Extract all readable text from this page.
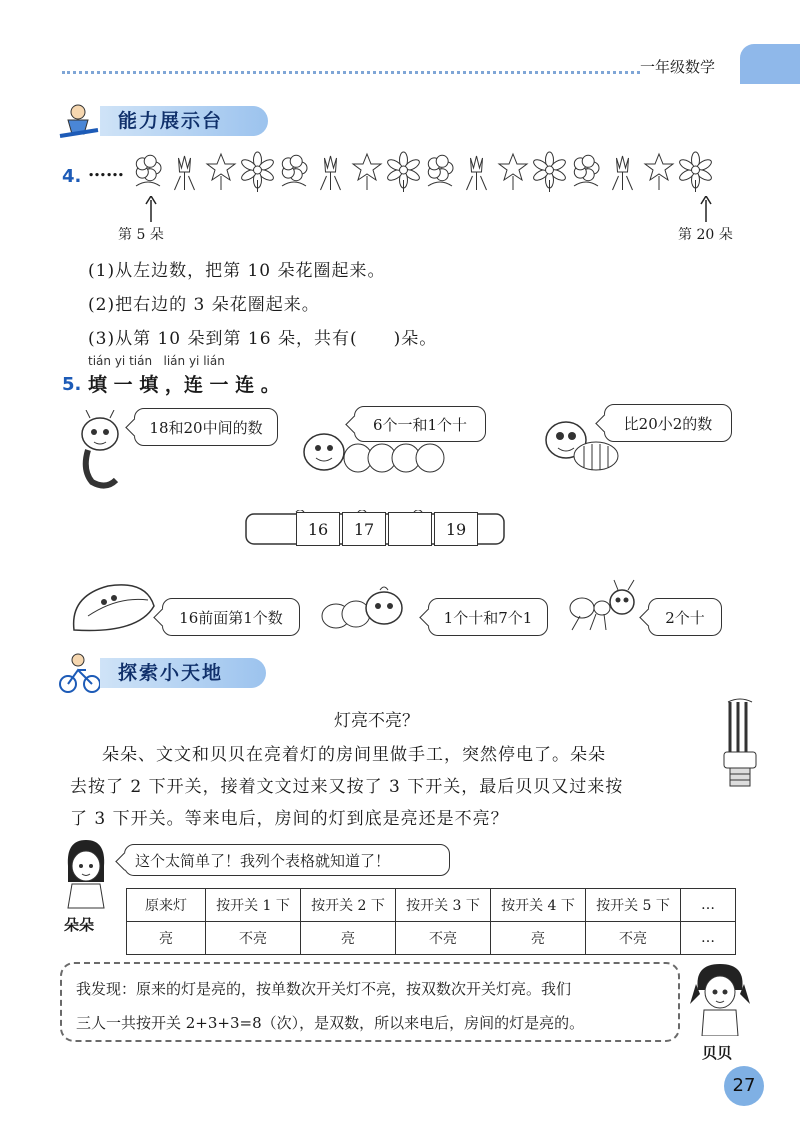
一年级数学
能力展示台
4. ……
第 5 朵	第 20 朵
(1)从左边数，把第 10 朵花圈起来。
(2)把右边的 3 朵花圈起来。
(3)从第 10 朵到第 16 朵，共有(　　)朵。
tián yi tián   lián yi lián
5. 填 一 填 ，连 一 连 。
18和20中间的数	6个一和1个十	比20小2的数
16	17	19
16前面第1个数	1个十和7个1	2个十
探索小天地
灯亮不亮？
朵朵、文文和贝贝在亮着灯的房间里做手工，突然停电了。朵朵
去按了 2 下开关，接着文文过来又按了 3 下开关，最后贝贝又过来按
了 3 下开关。等来电后，房间的灯到底是亮还是不亮？
这个太简单了！我列个表格就知道了！
朵朵
原来灯	按开关 1 下	按开关 2 下	按开关 3 下	按开关 4 下	按开关 5 下	…
亮	不亮	亮	不亮	亮	不亮	…
我发现：原来的灯是亮的，按单数次开关灯不亮，按双数次开关灯亮。我们
三人一共按开关 2+3+3=8（次），是双数，所以来电后，房间的灯是亮的。
贝贝
27
